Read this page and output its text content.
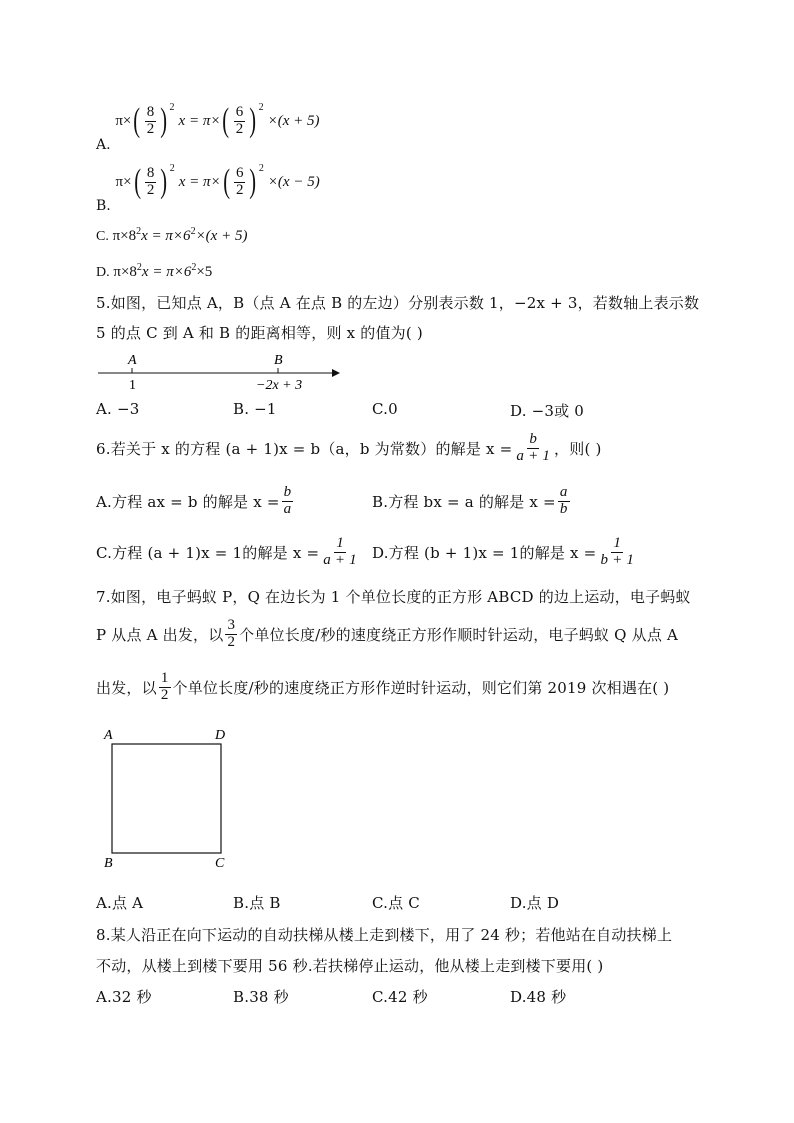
A.
π× ( $\frac{8}{2}$ ) 2
x = π× ( $\frac{6}{2}$ ) 2
×(x + 5)
B.
π× ( $\frac{8}{2}$ ) 2
x = π× ( $\frac{6}{2}$ ) 2
×(x − 5)
C. $\pi\times 8^2x = \pi\times 6^2\times(x + 5)$
D. $\pi\times 8^2x = \pi\times 6^2\times 5$
5.如图，已知点 A，B（点 A 在点 B 的左边）分别表示数 1，−2x + 3，若数轴上表示数
5 的点 C 到 A 和 B 的距离相等，则 x 的值为( )
A	B
1	−2x + 3
A. −3	B. −1	C.0	D. −3或 0
6.若关于 x 的方程 (a + 1)x = b（a，b 为常数）的解是 $x = \frac{b}{a + 1}$ ，则( )
A.方程 ax = b 的解是 $x = \frac{b}{a}$	B.方程 bx = a 的解是 $x = \frac{a}{b}$
C.方程 (a + 1)x = 1的解是 $x = \frac{1}{a + 1} D$.方程 (b + 1)x = 1的解是 $x = \frac{1}{b + 1}$
7.如图，电子蚂蚁 P，Q 在边长为 1 个单位长度的正方形 ABCD 的边上运动，电子蚂蚁
P 从点 A 出发，以 $\frac{3}{2}$ 个单位长度/秒的速度绕正方形作顺时针运动，电子蚂蚁 Q 从点 A
出发，以 $\frac{1}{2}$ 个单位长度/秒的速度绕正方形作逆时针运动，则它们第 2019 次相遇在( )
A	D
B	C
A.点 A	B.点 B	C.点 C	D.点 D
8.某人沿正在向下运动的自动扶梯从楼上走到楼下，用了 24 秒；若他站在自动扶梯上
不动，从楼上到楼下要用 56 秒.若扶梯停止运动，他从楼上走到楼下要用( )
A.32 秒	B.38 秒	C.42 秒	D.48 秒
